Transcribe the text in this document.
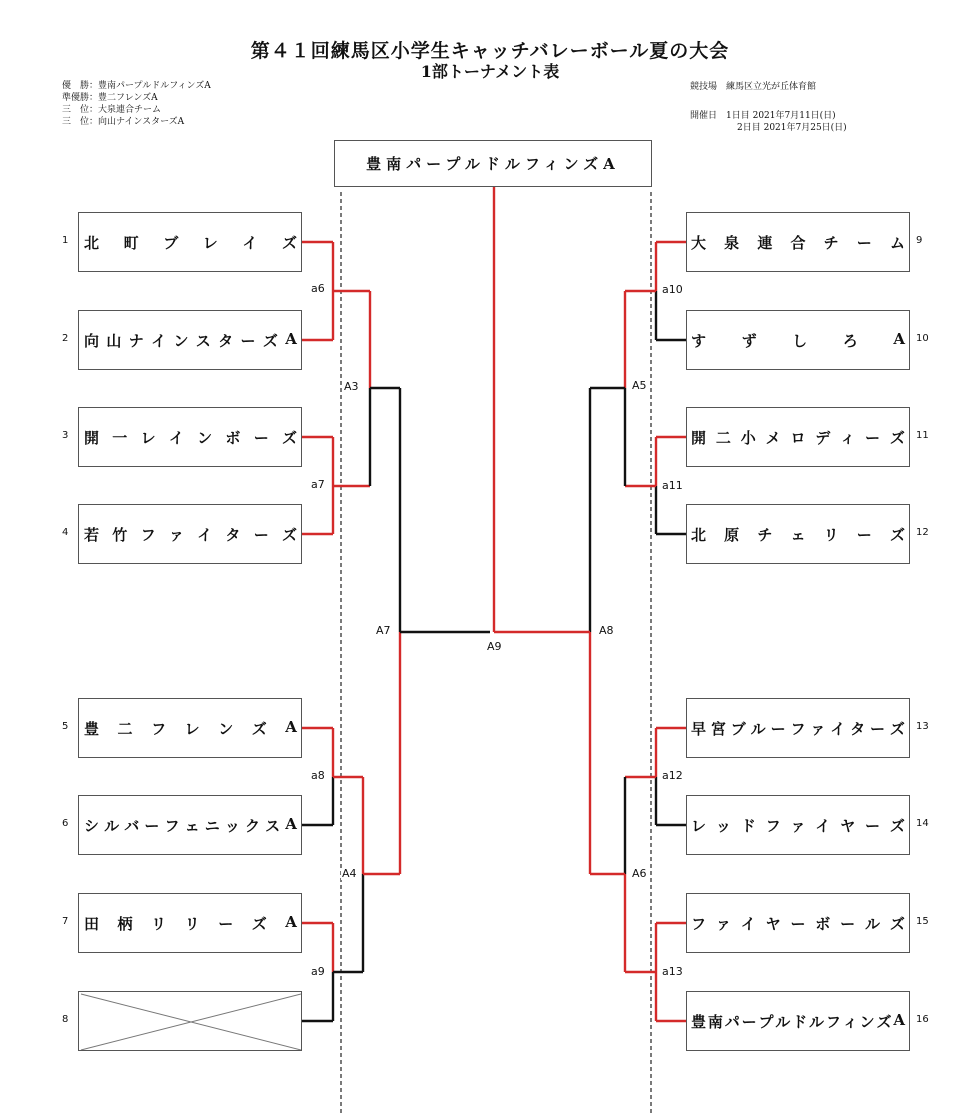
第４１回練馬区小学生キャッチバレーボール夏の大会
1部トーナメント表
優　勝：豊南パープルドルフィンズA
準優勝：豊二フレンズA
三　位：大泉連合チーム
三　位：向山ナインスターズA
競技場　練馬区立光が丘体育館
開催日　1日目 2021年7月11日(日)
2日目 2021年7月25日(日)
豊南パープルドルフィンズA
北 町 ブ レ イ ズ
1
向 山 ナ イ ン ス タ ー ズ A
2
開 一 レ イ ン ボ ー ズ
3
若 竹 フ ァ イ タ ー ズ
4
豊 二 フ レ ン ズ A
5
シ ル バ ー フ ェ ニ ッ ク ス A
6
田 柄 リ リ ー ズ A
7
8
大 泉 連 合 チ ー ム 9
す ず し ろ A 10
開 二 小 メ ロ デ ィ ー ズ 11
北 原 チ ェ リ ー ズ 12
早 宮 ブ ル ー フ ァ イ タ ー ズ 13
レ ッ ド フ ァ イ ヤ ー ズ 14
フ ァ イ ヤ ー ボ ー ル ズ 15
豊 南 パ ー プ ル ド ル フ ィ ン ズ A 16
a6
a7
a8
a9
a10
a11
a12
a13
A3
A4
A5
A6
A7	A8
A9
